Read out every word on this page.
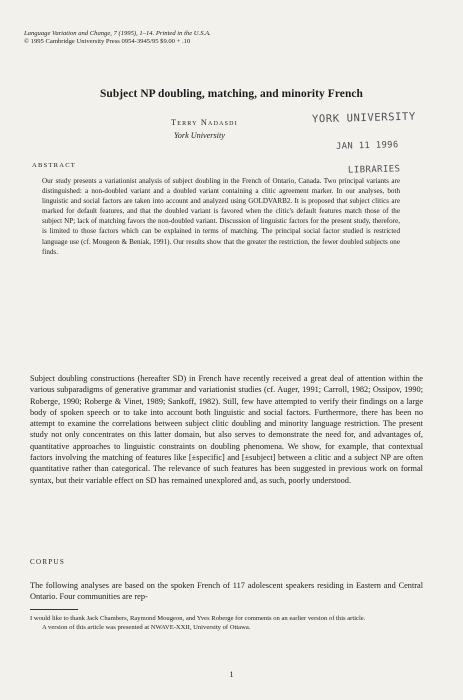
Language Variation and Change, 7 (1995), 1–14. Printed in the U.S.A.
© 1995 Cambridge University Press 0954-3945/95 $9.00 + .10
Subject NP doubling, matching, and minority French
Terry Nadasdi
York University
YORK UNIVERSITY
JAN 11 1996
LIBRARIES
ABSTRACT

Our study presents a variationist analysis of subject doubling in the French of Ontario, Canada. Two principal variants are distinguished: a non-doubled variant and a doubled variant containing a clitic agreement marker. In our analyses, both linguistic and social factors are taken into account and analyzed using GOLDVARB2. It is proposed that subject clitics are marked for default features, and that the doubled variant is favored when the clitic's default features match those of the subject NP; lack of matching favors the non-doubled variant. Discussion of linguistic factors for the present study, therefore, is limited to those factors which can be explained in terms of matching. The principal social factor studied is restricted language use (cf. Mougeon & Beniak, 1991). Our results show that the greater the restriction, the fewer doubled subjects one finds.

Subject doubling constructions (hereafter SD) in French have recently received a great deal of attention within the various subparadigms of generative grammar and variationist studies (cf. Auger, 1991; Carroll, 1982; Ossipov, 1990; Roberge, 1990; Roberge & Vinet, 1989; Sankoff, 1982). Still, few have attempted to verify their findings on a large body of spoken speech or to take into account both linguistic and social factors. Furthermore, there has been no attempt to examine the correlations between subject clitic doubling and minority language restriction. The present study not only concentrates on this latter domain, but also serves to demonstrate the need for, and advantages of, quantitative approaches to linguistic constraints on doubling phenomena. We show, for example, that contextual factors involving the matching of features like [±specific] and [±subject] between a clitic and a subject NP are often quantitative rather than categorical. The relevance of such features has been suggested in previous work on formal syntax, but their variable effect on SD has remained unexplored and, as such, poorly understood.

CORPUS

The following analyses are based on the spoken French of 117 adolescent speakers residing in Eastern and Central Ontario. Four communities are rep-

I would like to thank Jack Chambers, Raymond Mougeon, and Yves Roberge for comments on an earlier version of this article.

A version of this article was presented at NWAVE-XXII, University of Ottawa.

1
